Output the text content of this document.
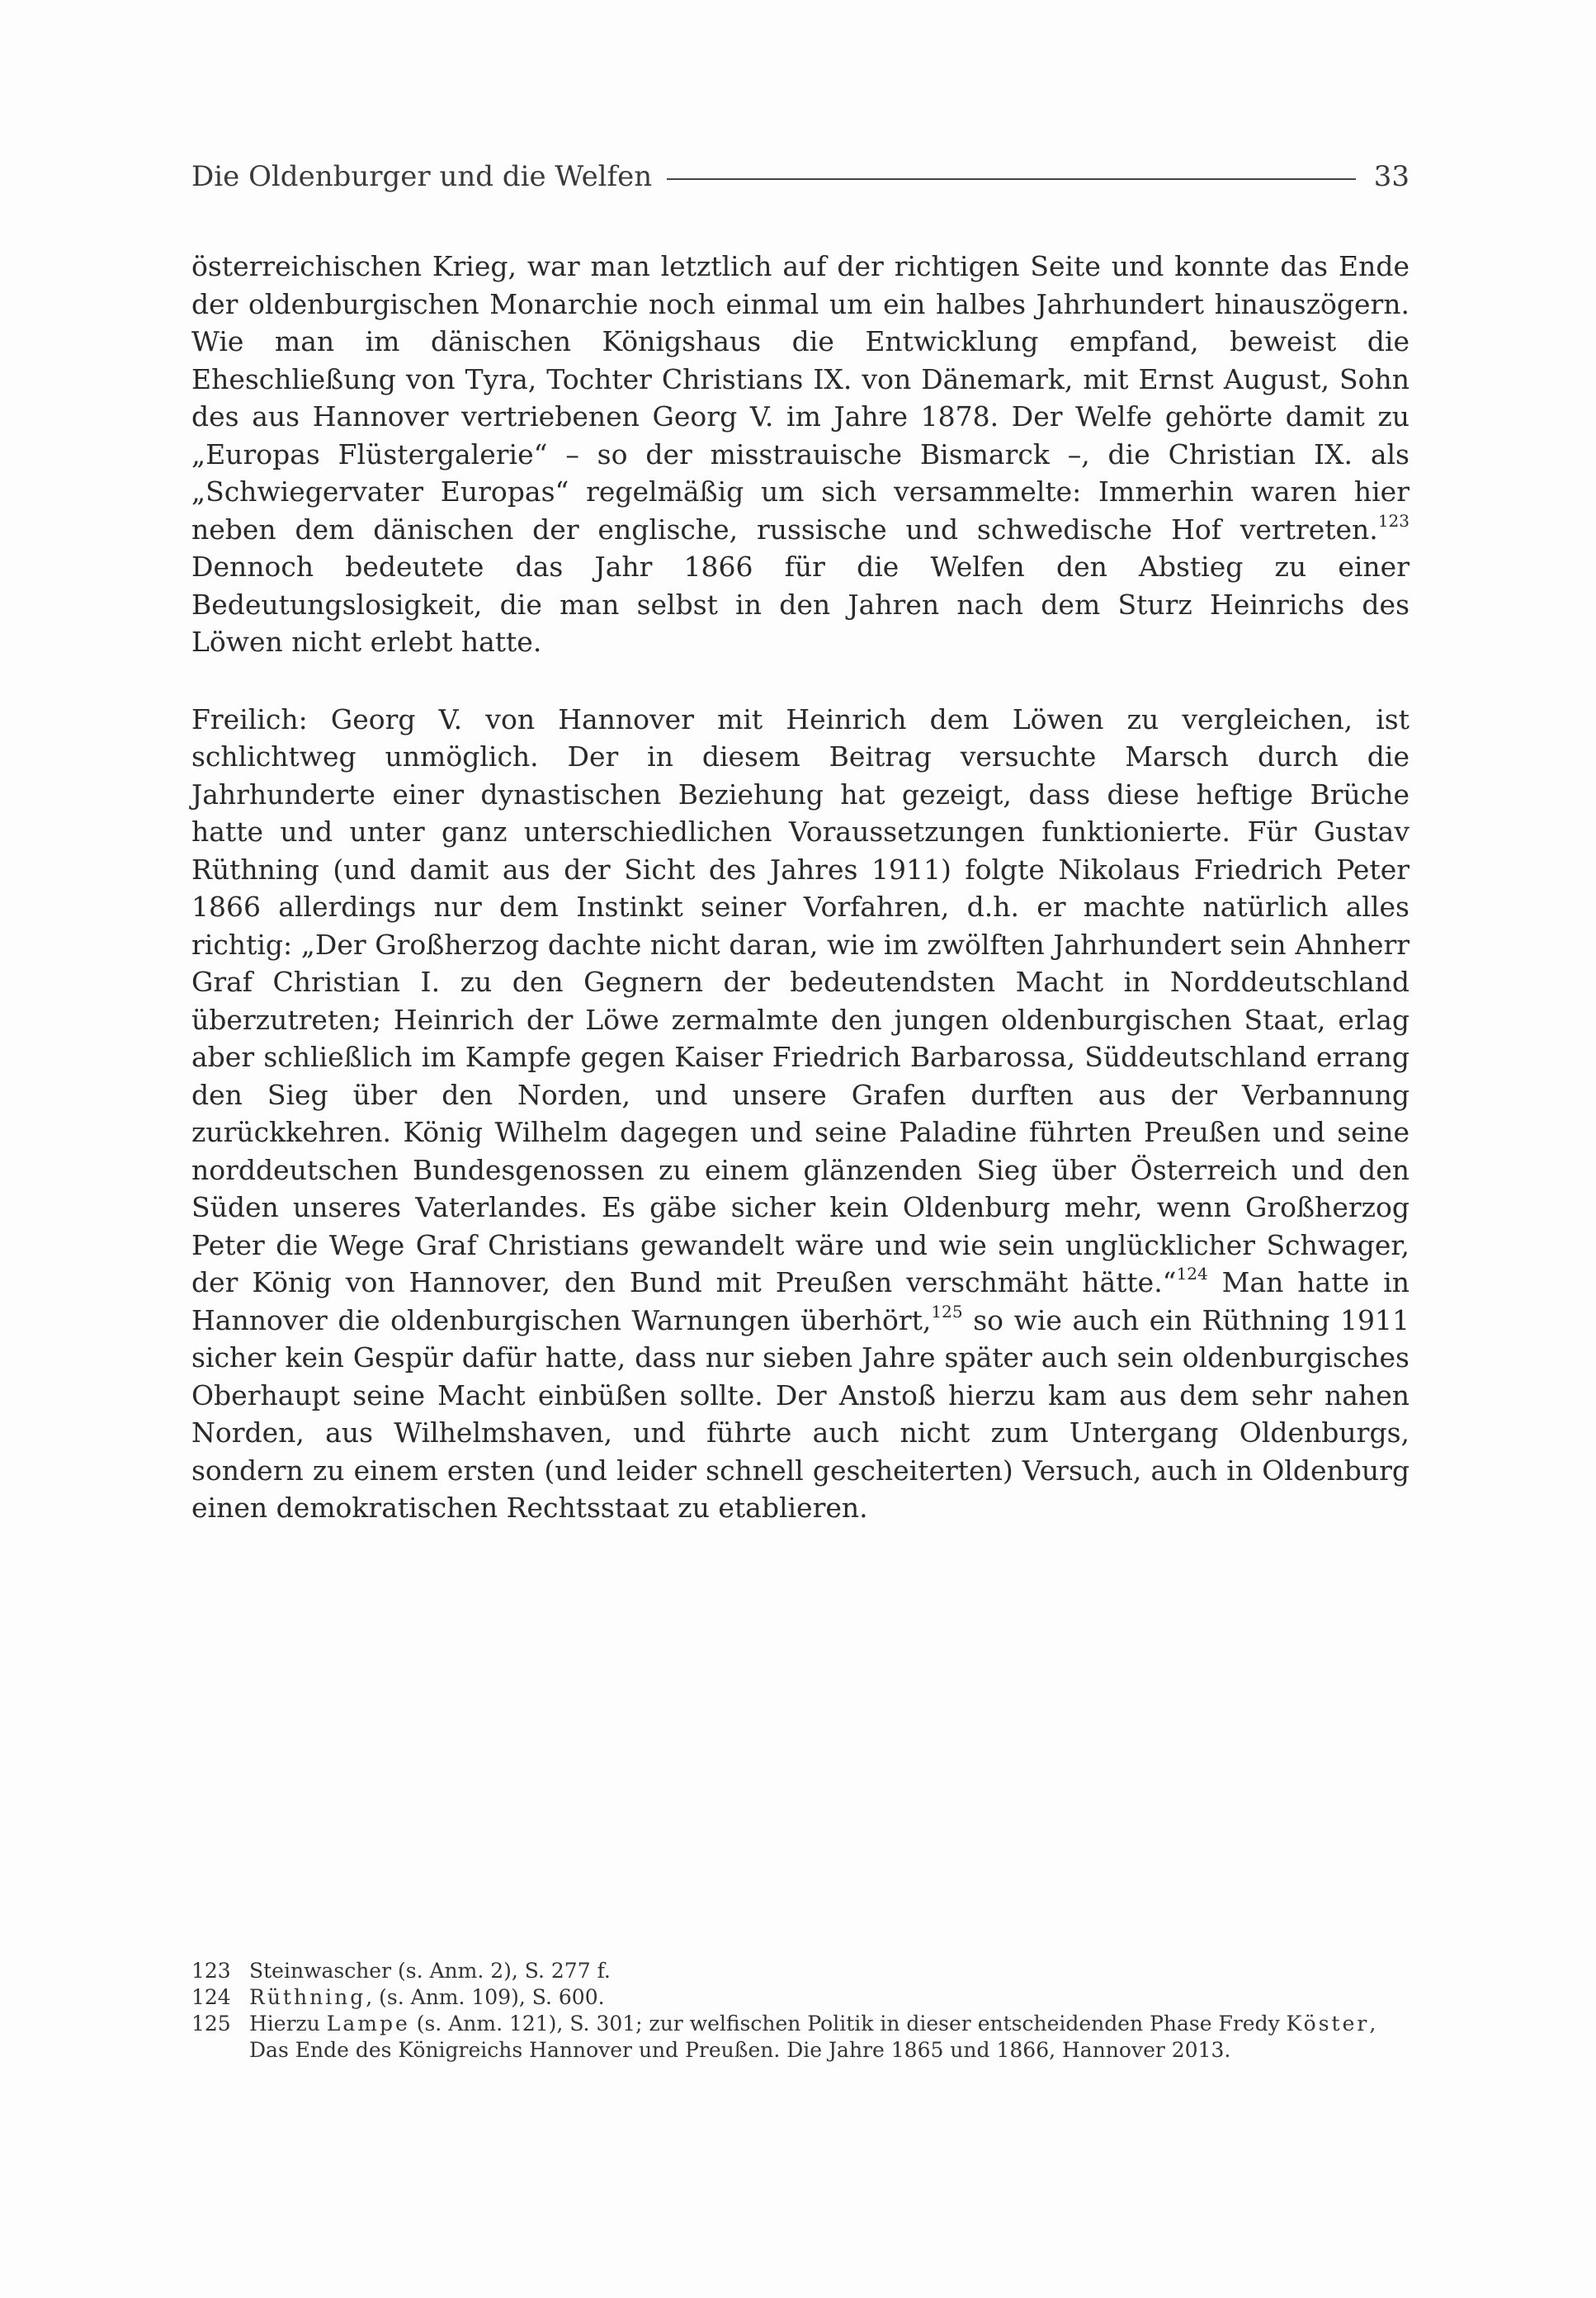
Die Oldenburger und die Welfen	33

österreichischen Krieg, war man letztlich auf der richtigen Seite und konnte das Ende der oldenburgischen Monarchie noch einmal um ein halbes Jahrhundert hinauszögern. Wie man im dänischen Königshaus die Entwicklung empfand, beweist die Eheschließung von Tyra, Tochter Christians IX. von Dänemark, mit Ernst August, Sohn des aus Hannover vertriebenen Georg V. im Jahre 1878. Der Welfe gehörte damit zu „Europas Flüstergalerie“ – so der misstrauische Bismarck –, die Christian IX. als „Schwiegervater Europas“ regelmäßig um sich versammelte: Immerhin waren hier neben dem dänischen der englische, russische und schwedische Hof vertreten.$^{123}$ Dennoch bedeutete das Jahr 1866 für die Welfen den Abstieg zu einer Bedeutungslosigkeit, die man selbst in den Jahren nach dem Sturz Heinrichs des Löwen nicht erlebt hatte.

Freilich: Georg V. von Hannover mit Heinrich dem Löwen zu vergleichen, ist schlichtweg unmöglich. Der in diesem Beitrag versuchte Marsch durch die Jahrhunderte einer dynastischen Beziehung hat gezeigt, dass diese heftige Brüche hatte und unter ganz unterschiedlichen Voraussetzungen funktionierte. Für Gustav Rüthning (und damit aus der Sicht des Jahres 1911) folgte Nikolaus Friedrich Peter 1866 allerdings nur dem Instinkt seiner Vorfahren, d.h. er machte natürlich alles richtig: „Der Großherzog dachte nicht daran, wie im zwölften Jahrhundert sein Ahnherr Graf Christian I. zu den Gegnern der bedeutendsten Macht in Norddeutschland überzutreten; Heinrich der Löwe zermalmte den jungen oldenburgischen Staat, erlag aber schließlich im Kampfe gegen Kaiser Friedrich Barbarossa, Süddeutschland errang den Sieg über den Norden, und unsere Grafen durften aus der Verbannung zurückkehren. König Wilhelm dagegen und seine Paladine führten Preußen und seine norddeutschen Bundesgenossen zu einem glänzenden Sieg über Österreich und den Süden unseres Vaterlandes. Es gäbe sicher kein Oldenburg mehr, wenn Großherzog Peter die Wege Graf Christians gewandelt wäre und wie sein unglücklicher Schwager, der König von Hannover, den Bund mit Preußen verschmäht hätte.“$^{124}$ Man hatte in Hannover die oldenburgischen Warnungen überhört,$^{125}$ so wie auch ein Rüthning 1911 sicher kein Gespür dafür hatte, dass nur sieben Jahre später auch sein oldenburgisches Oberhaupt seine Macht einbüßen sollte. Der Anstoß hierzu kam aus dem sehr nahen Norden, aus Wilhelmshaven, und führte auch nicht zum Untergang Oldenburgs, sondern zu einem ersten (und leider schnell gescheiterten) Versuch, auch in Oldenburg einen demokratischen Rechtsstaat zu etablieren.

123 Steinwascher (s. Anm. 2), S. 277 f.
124 Rüthning, (s. Anm. 109), S. 600.
125 Hierzu Lampe (s. Anm. 121), S. 301; zur welfischen Politik in dieser entscheidenden Phase Fredy Köster, Das Ende des Königreichs Hannover und Preußen. Die Jahre 1865 und 1866, Hannover 2013.
